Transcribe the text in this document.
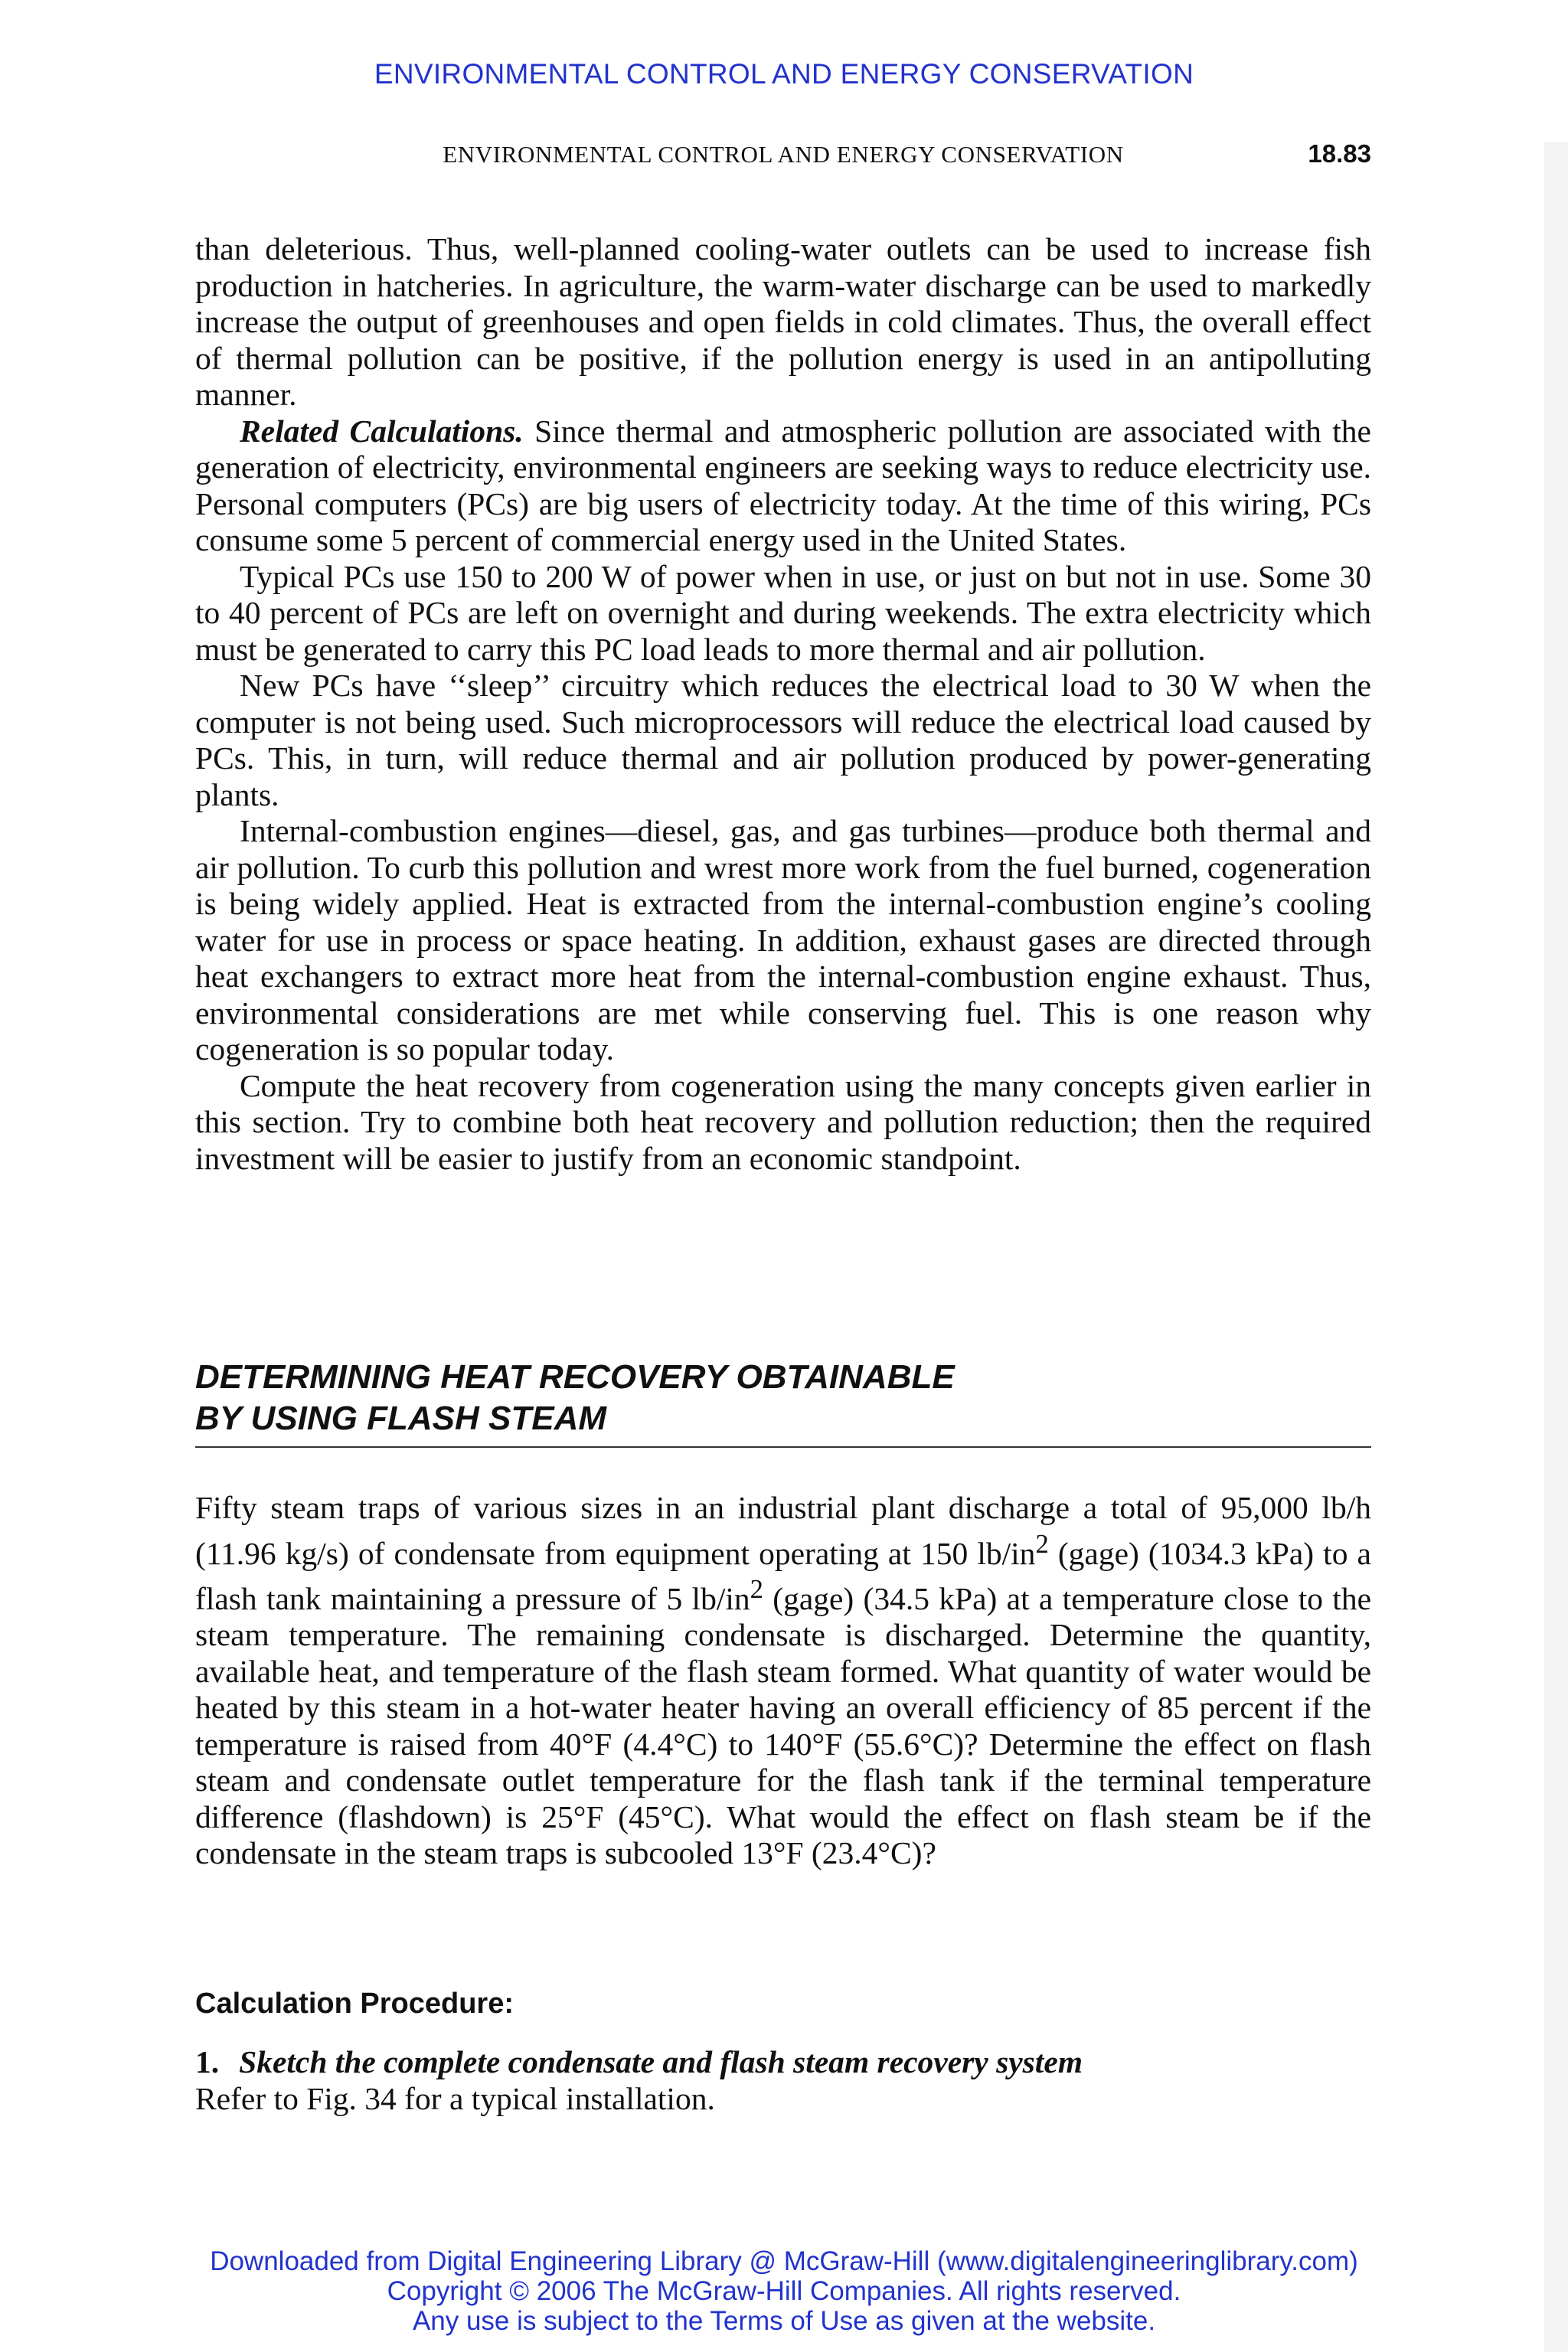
ENVIRONMENTAL CONTROL AND ENERGY CONSERVATION
ENVIRONMENTAL CONTROL AND ENERGY CONSERVATION	18.83

than deleterious. Thus, well-planned cooling-water outlets can be used to increase fish production in hatcheries. In agriculture, the warm-water discharge can be used to markedly increase the output of greenhouses and open fields in cold climates. Thus, the overall effect of thermal pollution can be positive, if the pollution energy is used in an antipolluting manner.

Related Calculations. Since thermal and atmospheric pollution are associated with the generation of electricity, environmental engineers are seeking ways to reduce electricity use. Personal computers (PCs) are big users of electricity today. At the time of this wiring, PCs consume some 5 percent of commercial energy used in the United States.

Typical PCs use 150 to 200 W of power when in use, or just on but not in use. Some 30 to 40 percent of PCs are left on overnight and during weekends. The extra electricity which must be generated to carry this PC load leads to more thermal and air pollution.

New PCs have ‘‘sleep’’ circuitry which reduces the electrical load to 30 W when the computer is not being used. Such microprocessors will reduce the electrical load caused by PCs. This, in turn, will reduce thermal and air pollution produced by power-generating plants.

Internal-combustion engines—diesel, gas, and gas turbines—produce both thermal and air pollution. To curb this pollution and wrest more work from the fuel burned, cogeneration is being widely applied. Heat is extracted from the internal-combustion engine’s cooling water for use in process or space heating. In addition, exhaust gases are directed through heat exchangers to extract more heat from the internal-combustion engine exhaust. Thus, environmental considerations are met while conserving fuel. This is one reason why cogeneration is so popular today.

Compute the heat recovery from cogeneration using the many concepts given earlier in this section. Try to combine both heat recovery and pollution reduction; then the required investment will be easier to justify from an economic standpoint.

DETERMINING HEAT RECOVERY OBTAINABLE
BY USING FLASH STEAM

Fifty steam traps of various sizes in an industrial plant discharge a total of 95,000 lb/h (11.96 kg/s) of condensate from equipment operating at 150 $lb/in^2$ (gage) (1034.3 kPa) to a flash tank maintaining a pressure of 5 $lb/in^2$ (gage) (34.5 kPa) at a temperature close to the steam temperature. The remaining condensate is discharged. Determine the quantity, available heat, and temperature of the flash steam formed. What quantity of water would be heated by this steam in a hot-water heater having an overall efficiency of 85 percent if the temperature is raised from 40°F (4.4°C) to 140°F (55.6°C)? Determine the effect on flash steam and condensate outlet temperature for the flash tank if the terminal temperature difference (flashdown) is 25°F (45°C). What would the effect on flash steam be if the condensate in the steam traps is subcooled 13°F (23.4°C)?

Calculation Procedure:
1. Sketch the complete condensate and flash steam recovery system
Refer to Fig. 34 for a typical installation.
Downloaded from Digital Engineering Library @ McGraw-Hill (www.digitalengineeringlibrary.com)
Copyright © 2006 The McGraw-Hill Companies. All rights reserved.
Any use is subject to the Terms of Use as given at the website.
